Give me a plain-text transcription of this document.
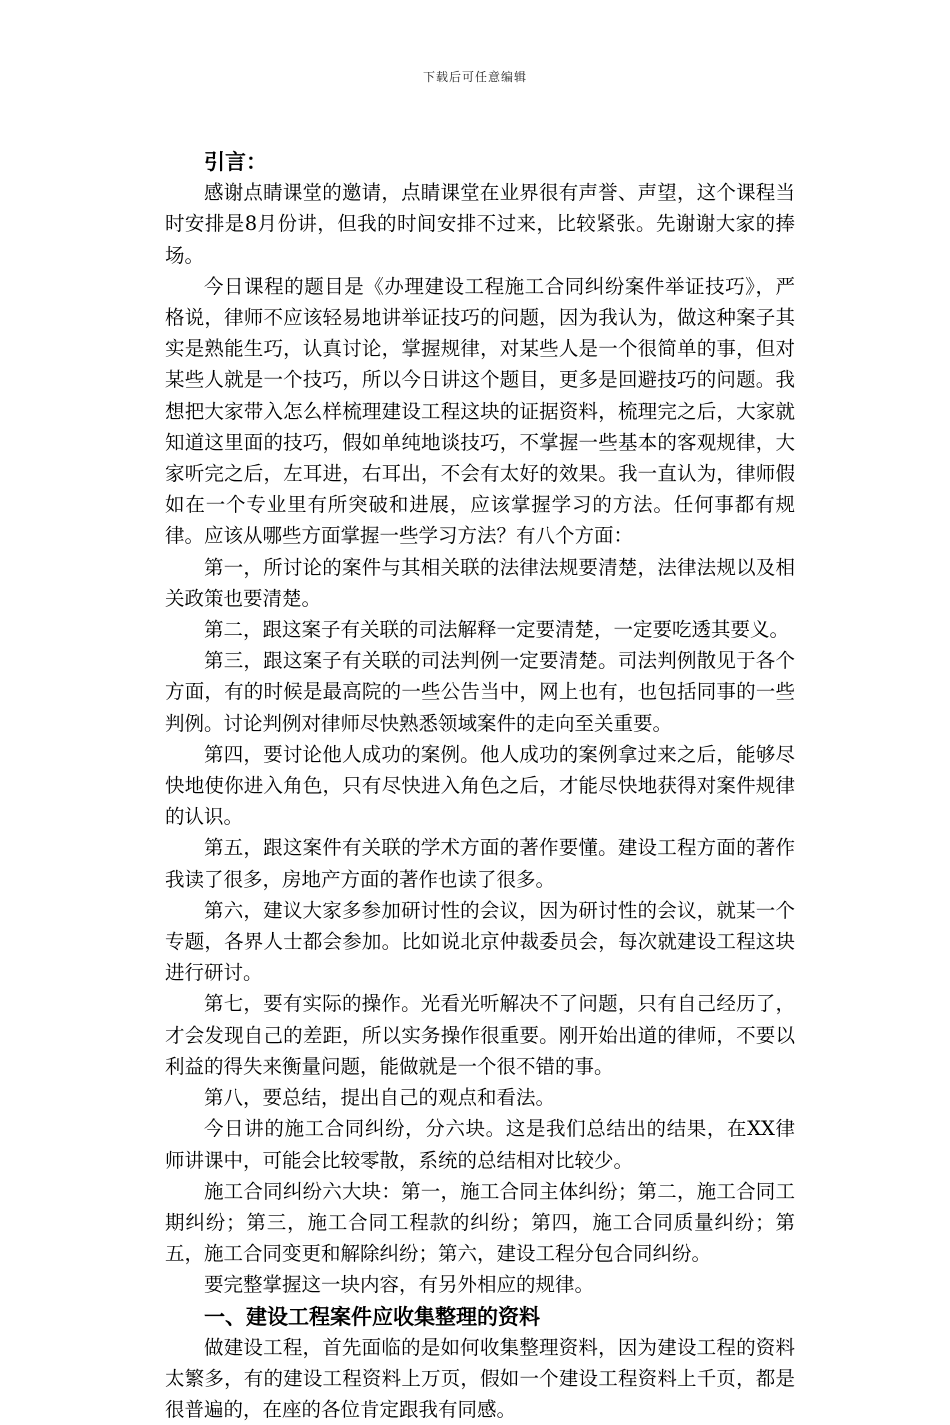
下载后可任意编辑
引言：

感谢点睛课堂的邀请，点睛课堂在业界很有声誉、声望，这个课程当时安排是8月份讲，但我的时间安排不过来，比较紧张。先谢谢大家的捧场。

今日课程的题目是《办理建设工程施工合同纠纷案件举证技巧》，严格说，律师不应该轻易地讲举证技巧的问题，因为我认为，做这种案子其实是熟能生巧，认真讨论，掌握规律，对某些人是一个很简单的事，但对某些人就是一个技巧，所以今日讲这个题目，更多是回避技巧的问题。我想把大家带入怎么样梳理建设工程这块的证据资料，梳理完之后，大家就知道这里面的技巧，假如单纯地谈技巧，不掌握一些基本的客观规律，大家听完之后，左耳进，右耳出，不会有太好的效果。我一直认为，律师假如在一个专业里有所突破和进展，应该掌握学习的方法。任何事都有规律。应该从哪些方面掌握一些学习方法？有八个方面：

第一，所讨论的案件与其相关联的法律法规要清楚，法律法规以及相关政策也要清楚。

第二，跟这案子有关联的司法解释一定要清楚，一定要吃透其要义。

第三，跟这案子有关联的司法判例一定要清楚。司法判例散见于各个方面，有的时候是最高院的一些公告当中，网上也有，也包括同事的一些判例。讨论判例对律师尽快熟悉领域案件的走向至关重要。

第四，要讨论他人成功的案例。他人成功的案例拿过来之后，能够尽快地使你进入角色，只有尽快进入角色之后，才能尽快地获得对案件规律的认识。

第五，跟这案件有关联的学术方面的著作要懂。建设工程方面的著作我读了很多，房地产方面的著作也读了很多。

第六，建议大家多参加研讨性的会议，因为研讨性的会议，就某一个专题，各界人士都会参加。比如说北京仲裁委员会，每次就建设工程这块进行研讨。

第七，要有实际的操作。光看光听解决不了问题，只有自己经历了，才会发现自己的差距，所以实务操作很重要。刚开始出道的律师，不要以利益的得失来衡量问题，能做就是一个很不错的事。

第八，要总结，提出自己的观点和看法。

今日讲的施工合同纠纷，分六块。这是我们总结出的结果，在XX律师讲课中，可能会比较零散，系统的总结相对比较少。

施工合同纠纷六大块：第一，施工合同主体纠纷；第二，施工合同工期纠纷；第三，施工合同工程款的纠纷；第四，施工合同质量纠纷；第五，施工合同变更和解除纠纷；第六，建设工程分包合同纠纷。

要完整掌握这一块内容，有另外相应的规律。

一、建设工程案件应收集整理的资料

做建设工程，首先面临的是如何收集整理资料，因为建设工程的资料太繁多，有的建设工程资料上万页，假如一个建设工程资料上千页，都是很普遍的，在座的各位肯定跟我有同感。
